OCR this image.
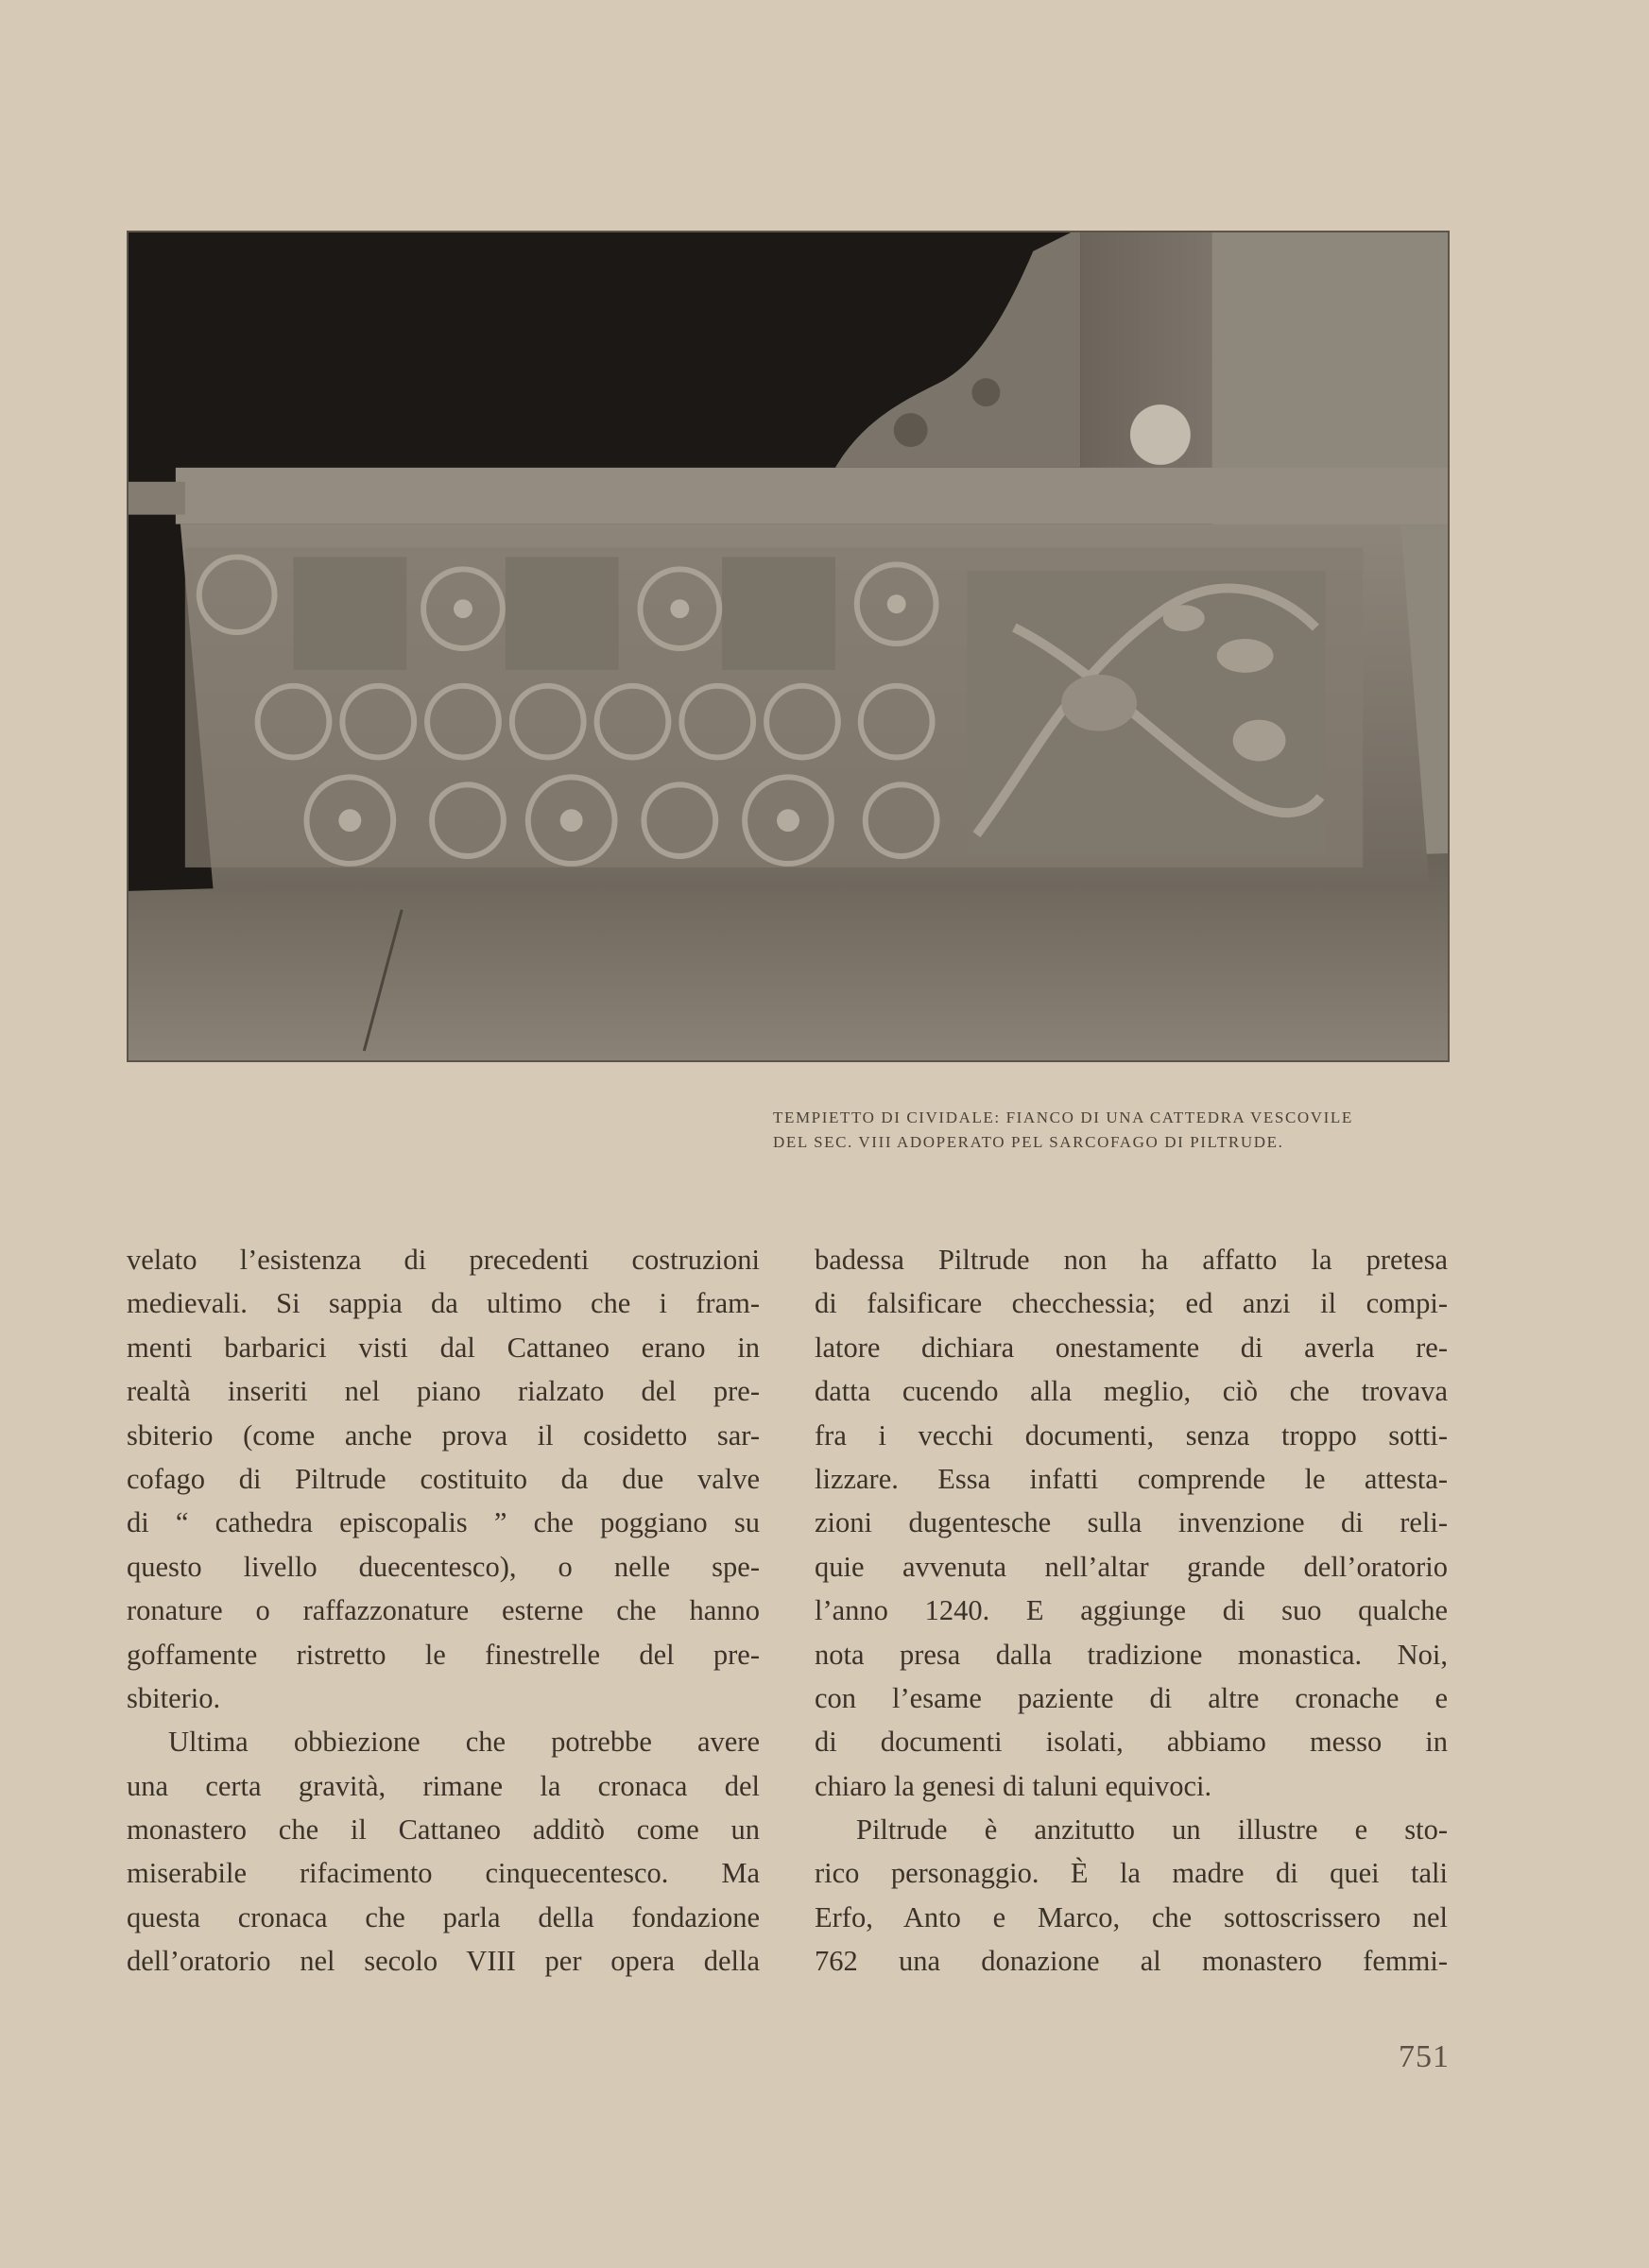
TEMPIETTO DI CIVIDALE: FIANCO DI UNA CATTEDRA VESCOVILE
DEL SEC. VIII ADOPERATO PEL SARCOFAGO DI PILTRUDE.
velato l’esistenza di precedenti costruzioni
medievali. Si sappia da ultimo che i fram-
menti barbarici visti dal Cattaneo erano in
realtà inseriti nel piano rialzato del pre-
sbiterio (come anche prova il cosidetto sar-
cofago di Piltrude costituito da due valve
di “ cathedra episcopalis ” che poggiano su
questo livello duecentesco), o nelle spe-
ronature o raffazzonature esterne che hanno
goffamente ristretto le finestrelle del pre-
sbiterio.
Ultima obbiezione che potrebbe avere
una certa gravità, rimane la cronaca del
monastero che il Cattaneo additò come un
miserabile rifacimento cinquecentesco. Ma
questa cronaca che parla della fondazione
dell’oratorio nel secolo VIII per opera della
badessa Piltrude non ha affatto la pretesa
di falsificare checchessia; ed anzi il compi-
latore dichiara onestamente di averla re-
datta cucendo alla meglio, ciò che trovava
fra i vecchi documenti, senza troppo sotti-
lizzare. Essa infatti comprende le attesta-
zioni dugentesche sulla invenzione di reli-
quie avvenuta nell’altar grande dell’oratorio
l’anno 1240. E aggiunge di suo qualche
nota presa dalla tradizione monastica. Noi,
con l’esame paziente di altre cronache e
di documenti isolati, abbiamo messo in
chiaro la genesi di taluni equivoci.
Piltrude è anzitutto un illustre e sto-
rico personaggio. È la madre di quei tali
Erfo, Anto e Marco, che sottoscrissero nel
762 una donazione al monastero femmi-
751
